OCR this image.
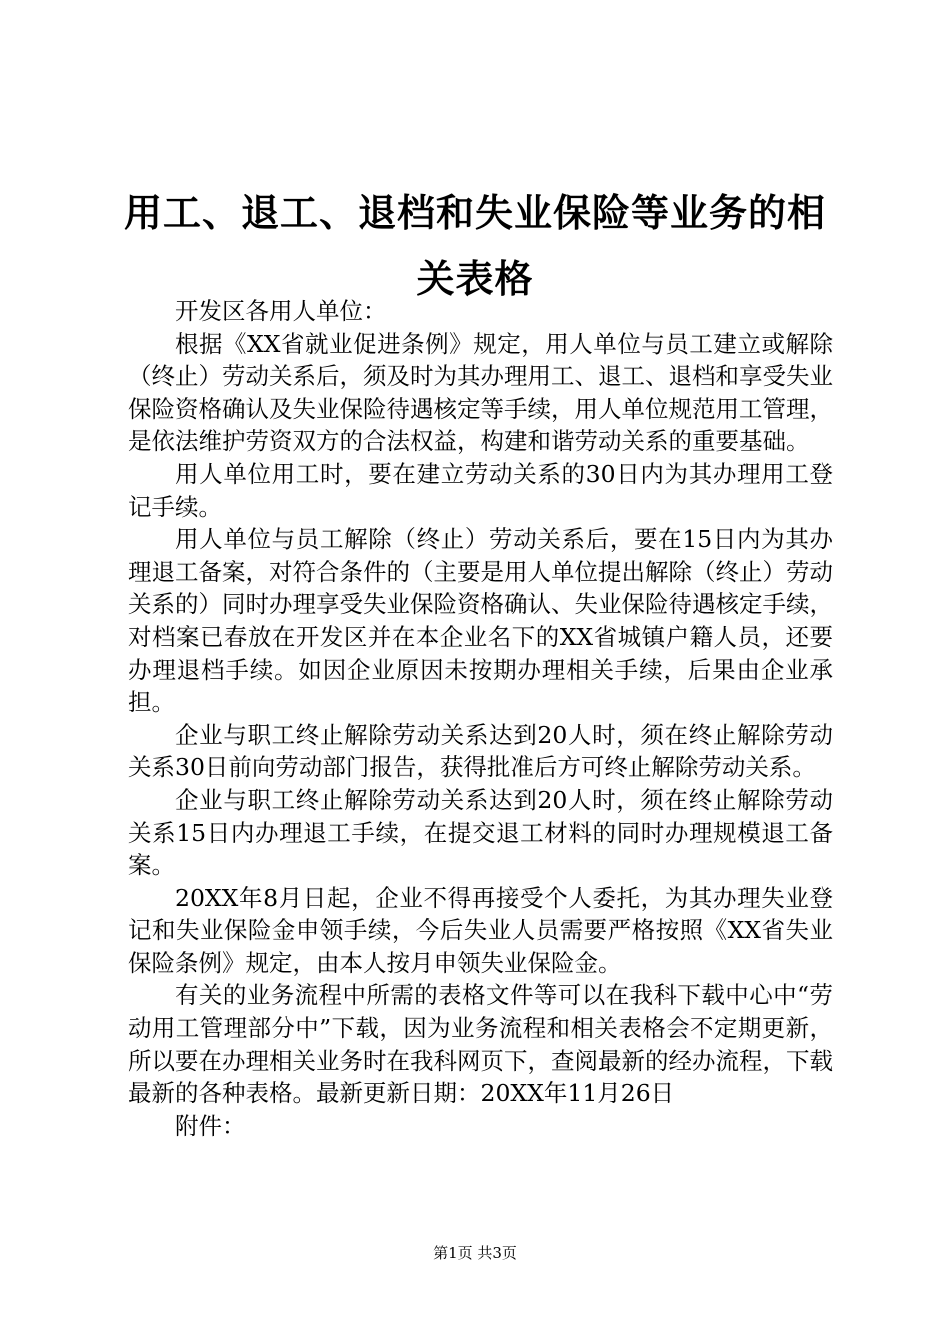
用工、退工、退档和失业保险等业务的相关表格

开发区各用人单位：

根据《XX省就业促进条例》规定，用人单位与员工建立或解除（终止）劳动关系后，须及时为其办理用工、退工、退档和享受失业保险资格确认及失业保险待遇核定等手续，用人单位规范用工管理，是依法维护劳资双方的合法权益，构建和谐劳动关系的重要基础。

用人单位用工时，要在建立劳动关系的30日内为其办理用工登记手续。

用人单位与员工解除（终止）劳动关系后，要在15日内为其办理退工备案，对符合条件的（主要是用人单位提出解除（终止）劳动关系的）同时办理享受失业保险资格确认、失业保险待遇核定手续，对档案已春放在开发区并在本企业名下的XX省城镇户籍人员，还要办理退档手续。如因企业原因未按期办理相关手续，后果由企业承担。

企业与职工终止解除劳动关系达到20人时，须在终止解除劳动关系30日前向劳动部门报告，获得批准后方可终止解除劳动关系。

企业与职工终止解除劳动关系达到20人时，须在终止解除劳动关系15日内办理退工手续，在提交退工材料的同时办理规模退工备案。

20XX年8月日起，企业不得再接受个人委托，为其办理失业登记和失业保险金申领手续，今后失业人员需要严格按照《XX省失业保险条例》规定，由本人按月申领失业保险金。

有关的业务流程中所需的表格文件等可以在我科下载中心中“劳动用工管理部分中”下载，因为业务流程和相关表格会不定期更新，所以要在办理相关业务时在我科网页下，查阅最新的经办流程，下载最新的各种表格。最新更新日期：20XX年11月26日

附件：

第1页 共3页
